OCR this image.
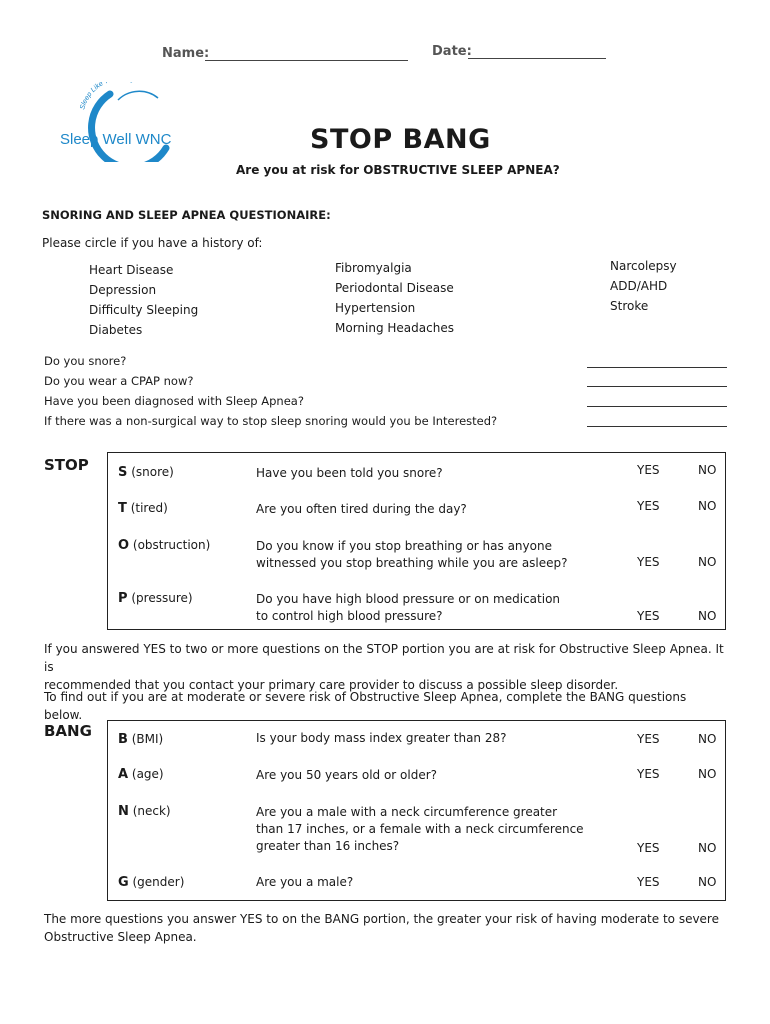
Name:	Date:
Sleep Like
Sleep Well WNC	STOP BANG
Are you at risk for OBSTRUCTIVE SLEEP APNEA?
SNORING AND SLEEP APNEA QUESTIONAIRE:
Please circle if you have a history of:
Heart Disease
Depression
Difficulty Sleeping
Diabetes
Fibromyalgia
Periodontal Disease
Hypertension
Morning Headaches
Narcolepsy
ADD/AHD
Stroke
Do you snore?
Do you wear a CPAP now?
Have you been diagnosed with Sleep Apnea?
If there was a non-surgical way to stop sleep snoring would you be Interested?
STOP S (snore)	Have you been told you snore?	YES	NO
T (tired)	Are you often tired during the day?	YES	NO
O (obstruction)	Do you know if you stop breathing or has anyone
witnessed you stop breathing while you are asleep?	YES	NO
P (pressure)	Do you have high blood pressure or on medication
to control high blood pressure?	YES	NO
If you answered YES to two or more questions on the STOP portion you are at risk for Obstructive Sleep Apnea. It is
recommended that you contact your primary care provider to discuss a possible sleep disorder.
To find out if you are at moderate or severe risk of Obstructive Sleep Apnea, complete the BANG questions below.
BANG B (BMI)	Is your body mass index greater than 28?	YES	NO
A (age)	Are you 50 years old or older?	YES	NO
N (neck)	Are you a male with a neck circumference greater
than 17 inches, or a female with a neck circumference
greater than 16 inches?	YES	NO
G (gender)	Are you a male?	YES	NO
The more questions you answer YES to on the BANG portion, the greater your risk of having moderate to severe
Obstructive Sleep Apnea.
